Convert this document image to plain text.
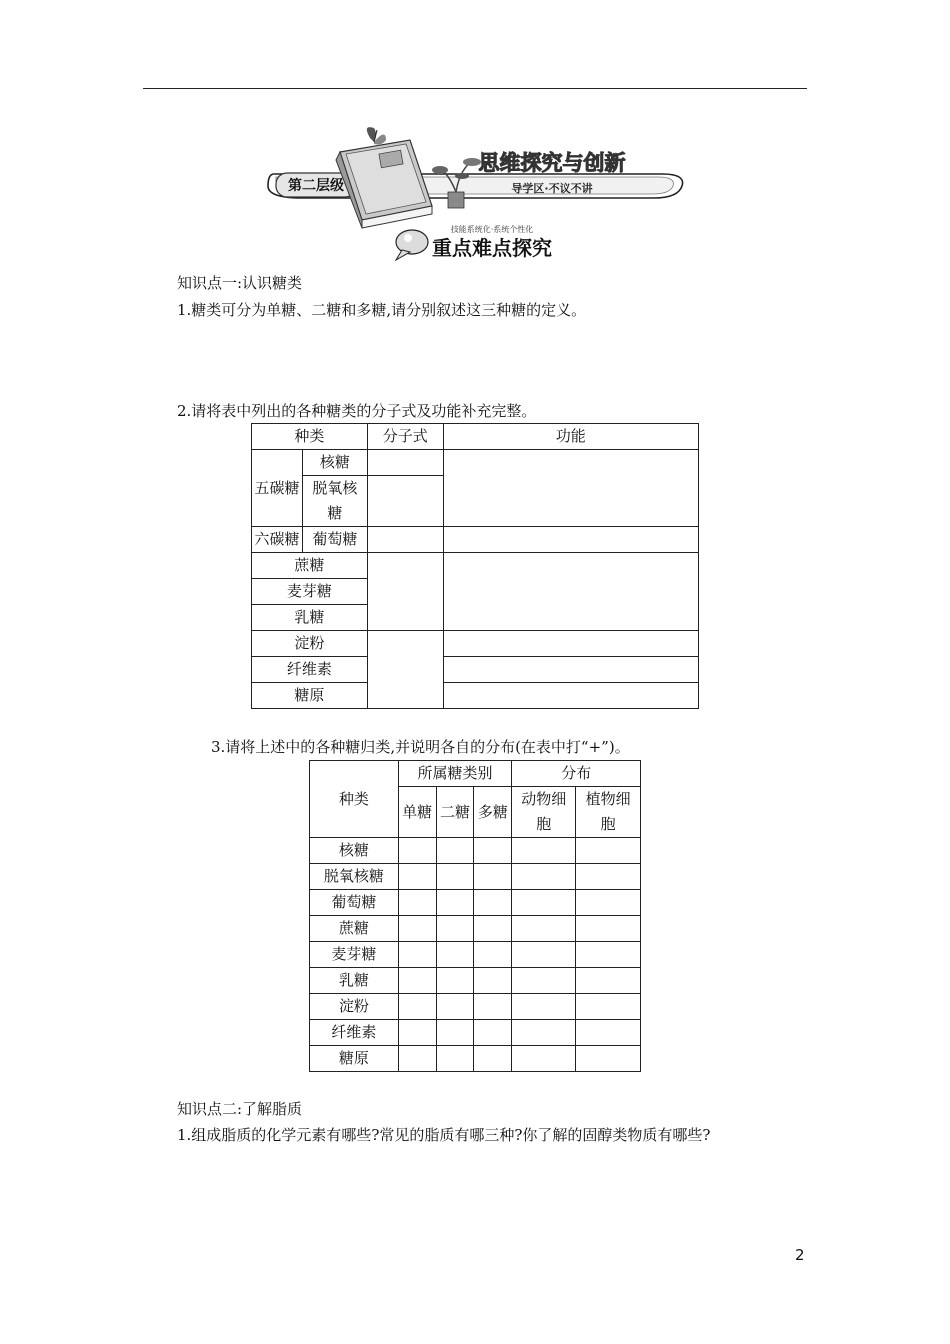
第二层级
思维探究与创新
导学区·不议不讲
技能系统化·系统个性化
重点难点探究
知识点一:认识糖类
1.糖类可分为单糖、二糖和多糖,请分别叙述这三种糖的定义。
2.请将表中列出的各种糖类的分子式及功能补充完整。
种类		分子式	功能
五碳糖	核糖		
	脱氧核
糖		
六碳糖	葡萄糖		
蔗糖			
麦芽糖			
乳糖			
淀粉			
纤维素			
糖原			
3.请将上述中的各种糖归类,并说明各自的分布(在表中打“+”)。
种类	所属糖类别			分布	
	单糖	二糖	多糖	动物细
胞	植物细
胞
核糖					
脱氧核糖					
葡萄糖					
蔗糖					
麦芽糖					
乳糖					
淀粉					
纤维素					
糖原					
知识点二:了解脂质
1.组成脂质的化学元素有哪些?常见的脂质有哪三种?你了解的固醇类物质有哪些?
2
